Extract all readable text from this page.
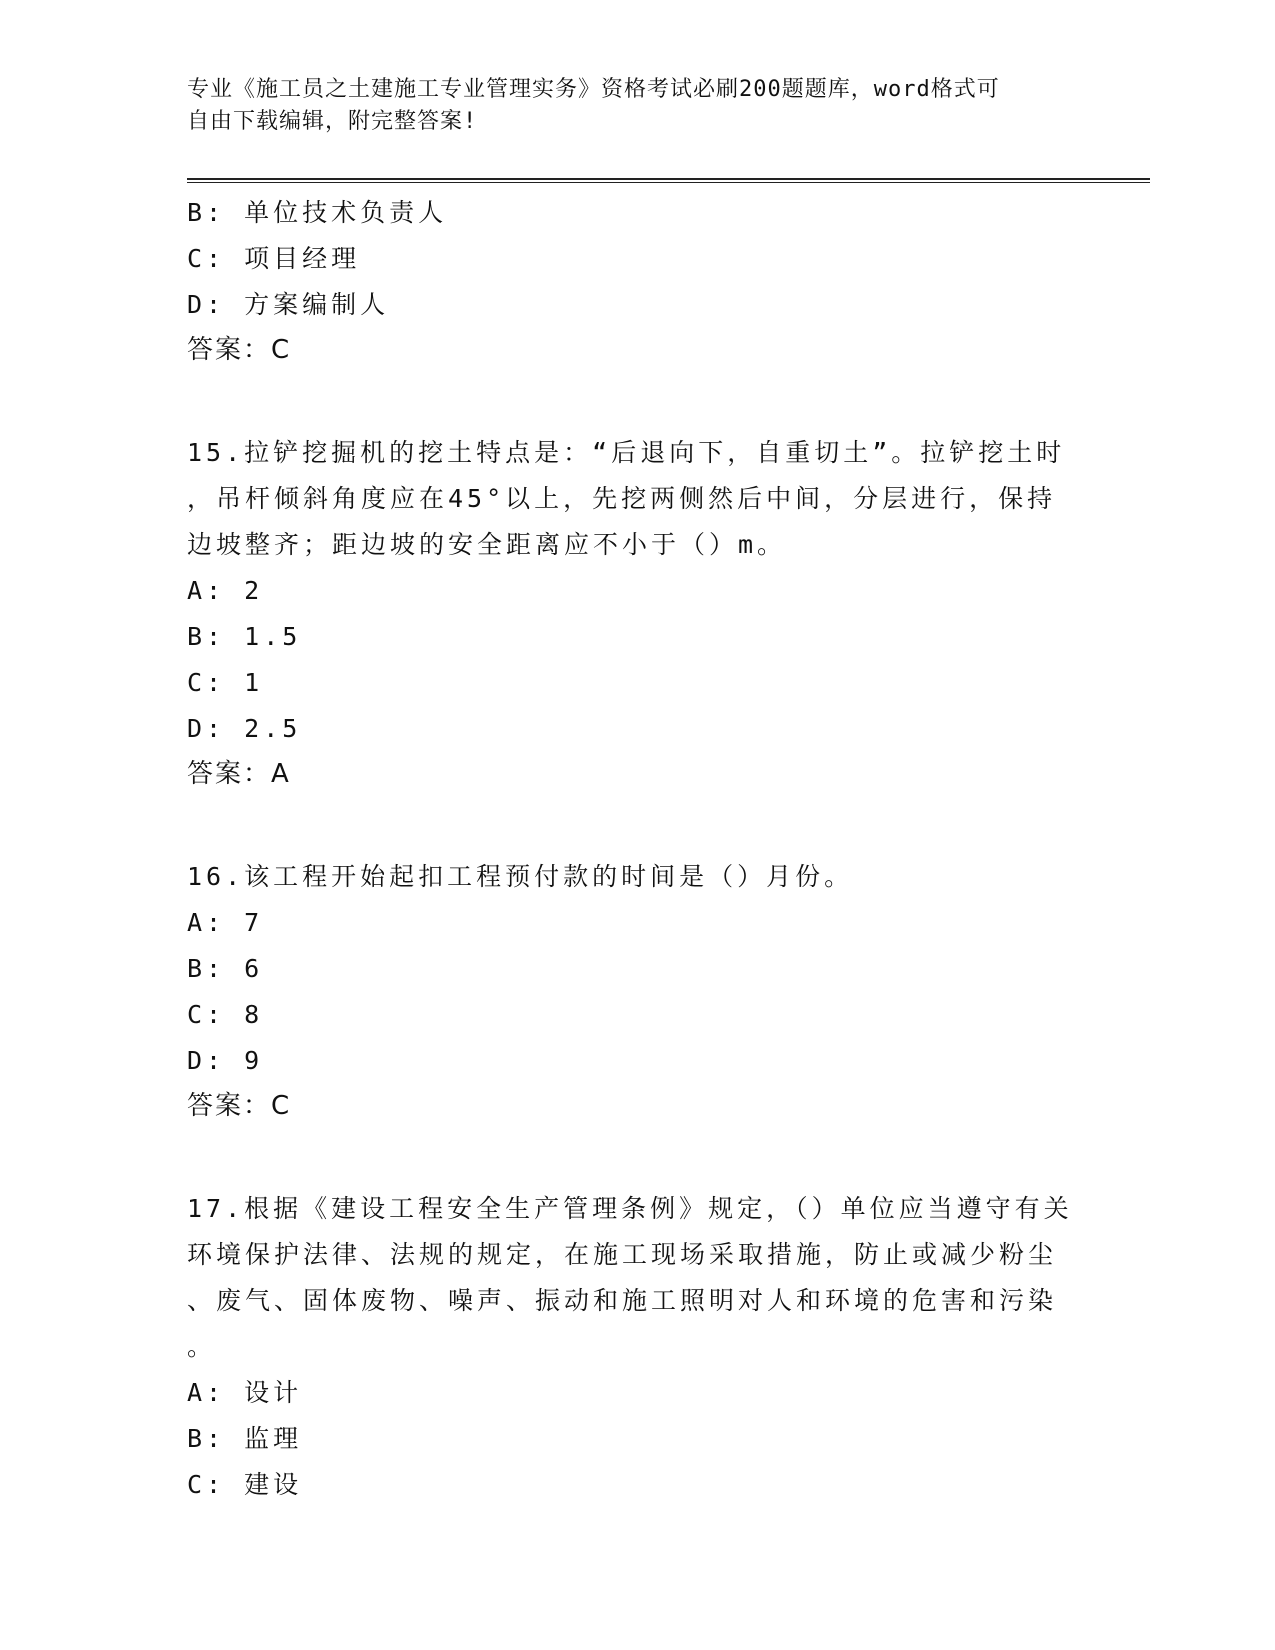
专业《施工员之土建施工专业管理实务》资格考试必刷200题题库，word格式可
自由下载编辑，附完整答案!
B: 单位技术负责人
C: 项目经理
D: 方案编制人
答案：C
15.拉铲挖掘机的挖土特点是：“后退向下，自重切土”。拉铲挖土时
，吊杆倾斜角度应在45°以上，先挖两侧然后中间，分层进行，保持
边坡整齐；距边坡的安全距离应不小于（）m。
A: 2
B: 1.5
C: 1
D: 2.5
答案：A
16.该工程开始起扣工程预付款的时间是（）月份。
A: 7
B: 6
C: 8
D: 9
答案：C
17.根据《建设工程安全生产管理条例》规定，（）单位应当遵守有关
环境保护法律、法规的规定，在施工现场采取措施，防止或减少粉尘
、废气、固体废物、噪声、振动和施工照明对人和环境的危害和污染
。
A: 设计
B: 监理
C: 建设
